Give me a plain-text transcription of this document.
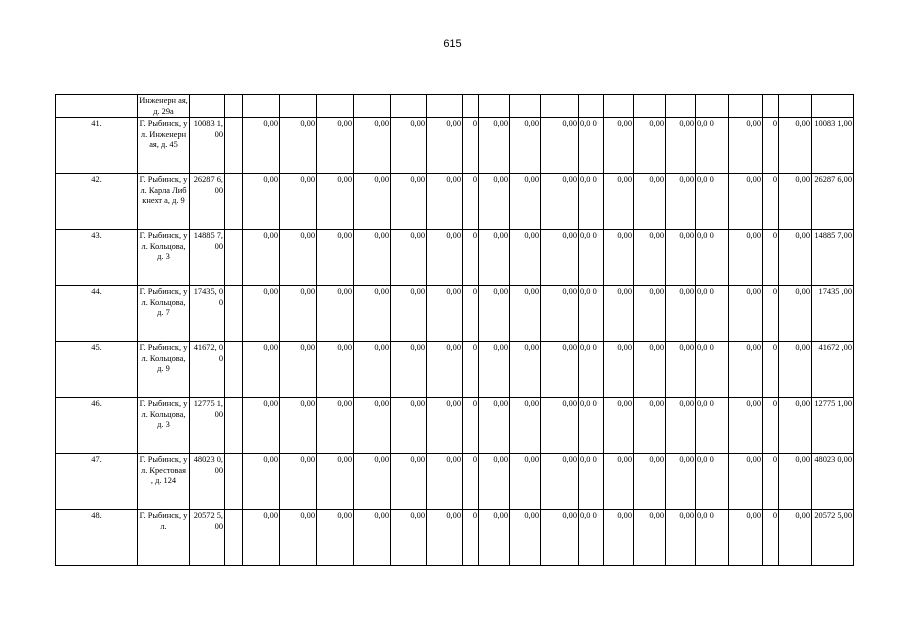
615
	Инженерн ая, д. 29а																					
41.	Г. Рыбинск, ул. Инженерн ая, д. 45	10083 1,00		0,00	0,00	0,00	0,00	0,00	0,00	0	0,00	0,00	0,00	0,0 0	0,00	0,00	0,00	0,0 0	0,00	0	0,00	10083 1,00
42.	Г. Рыбинск, ул. Карла Либкнехт а, д. 9	26287 6,00		0,00	0,00	0,00	0,00	0,00	0,00	0	0,00	0,00	0,00	0,0 0	0,00	0,00	0,00	0,0 0	0,00	0	0,00	26287 6,00
43.	Г. Рыбинск, ул. Кольцова, д. 3	14885 7,00		0,00	0,00	0,00	0,00	0,00	0,00	0	0,00	0,00	0,00	0,0 0	0,00	0,00	0,00	0,0 0	0,00	0	0,00	14885 7,00
44.	Г. Рыбинск, ул. Кольцова, д. 7	17435, 00		0,00	0,00	0,00	0,00	0,00	0,00	0	0,00	0,00	0,00	0,0 0	0,00	0,00	0,00	0,0 0	0,00	0	0,00	17435 ,00
45.	Г. Рыбинск, ул. Кольцова, д. 9	41672, 00		0,00	0,00	0,00	0,00	0,00	0,00	0	0,00	0,00	0,00	0,0 0	0,00	0,00	0,00	0,0 0	0,00	0	0,00	41672 ,00
46.	Г. Рыбинск, ул. Кольцова, д. 3	12775 1,00		0,00	0,00	0,00	0,00	0,00	0,00	0	0,00	0,00	0,00	0,0 0	0,00	0,00	0,00	0,0 0	0,00	0	0,00	12775 1,00
47.	Г. Рыбинск, ул. Крестовая , д. 124	48023 0,00		0,00	0,00	0,00	0,00	0,00	0,00	0	0,00	0,00	0,00	0,0 0	0,00	0,00	0,00	0,0 0	0,00	0	0,00	48023 0,00
48.	Г. Рыбинск, ул.	20572 5,00		0,00	0,00	0,00	0,00	0,00	0,00	0	0,00	0,00	0,00	0,0 0	0,00	0,00	0,00	0,0 0	0,00	0	0,00	20572 5,00
